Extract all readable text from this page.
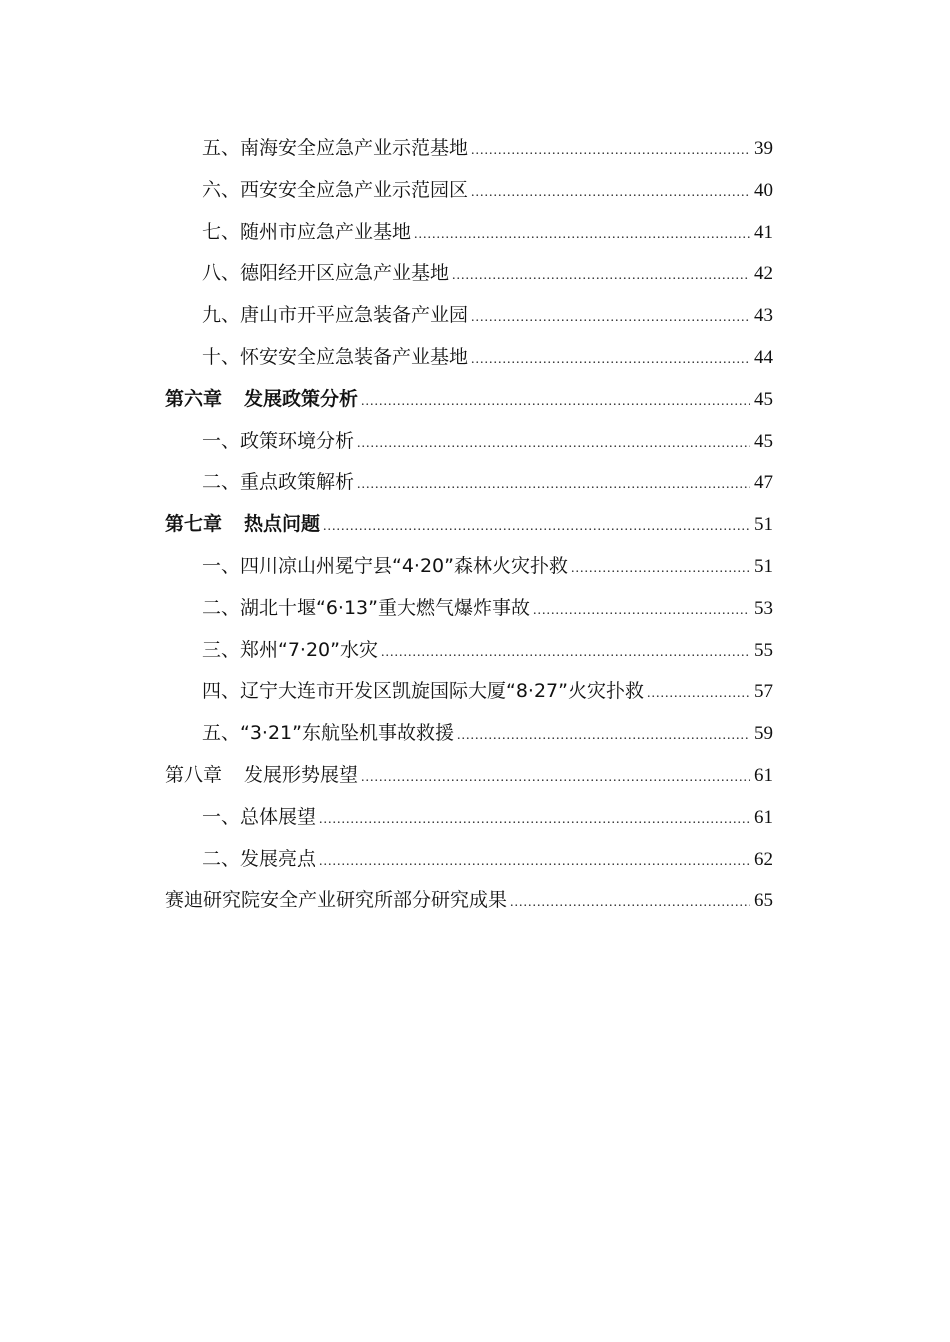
五、南海安全应急产业示范基地 .....	39
六、西安安全应急产业示范园区 .....	40
七、随州市应急产业基地 .....	41
八、德阳经开区应急产业基地 .....	42
九、唐山市开平应急装备产业园 .....	43
十、怀安安全应急装备产业基地 .....	44
第六章 发展政策分析 .....	45
一、政策环境分析 .....	45
二、重点政策解析 .....	47
第七章 热点问题 .....	51
一、四川凉山州冕宁县“4·20”森林火灾扑救 .....	51
二、湖北十堰“6·13”重大燃气爆炸事故 .....	53
三、郑州“7·20”水灾 .....	55
四、辽宁大连市开发区凯旋国际大厦“8·27”火灾扑救 .....	57
五、“3·21”东航坠机事故救援 .....	59
第八章 发展形势展望 .....	61
一、总体展望 .....	61
二、发展亮点 .....	62
赛迪研究院安全产业研究所部分研究成果 .....	65
